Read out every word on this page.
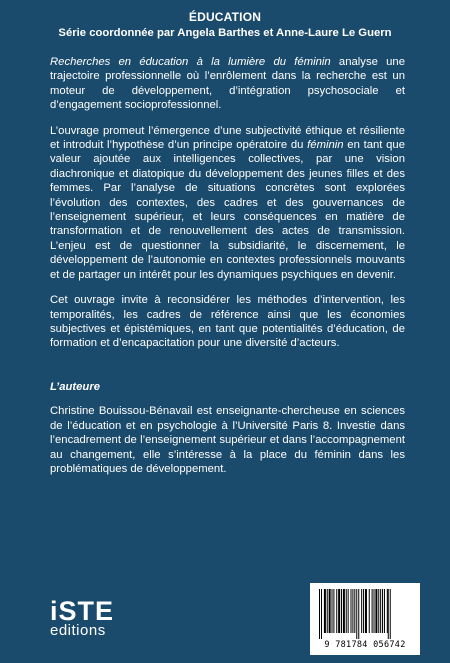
ÉDUCATION
Série coordonnée par Angela Barthes et Anne-Laure Le Guern

Recherches en éducation à la lumière du féminin analyse une trajectoire professionnelle où l’enrôlement dans la recherche est un moteur de développement, d’intégration psychosociale et d’engagement socioprofessionnel.

L’ouvrage promeut l’émergence d’une subjectivité éthique et résiliente et introduit l’hypothèse d’un principe opératoire du féminin en tant que valeur ajoutée aux intelligences collectives, par une vision diachronique et diatopique du développement des jeunes filles et des femmes. Par l’analyse de situations concrètes sont explorées l’évolution des contextes, des cadres et des gouvernances de l’enseignement supérieur, et leurs conséquences en matière de transformation et de renouvellement des actes de transmission. L’enjeu est de questionner la subsidiarité, le discernement, le développement de l’autonomie en contextes professionnels mouvants et de partager un intérêt pour les dynamiques psychiques en devenir.

Cet ouvrage invite à reconsidérer les méthodes d’intervention, les temporalités, les cadres de référence ainsi que les économies subjectives et épistémiques, en tant que potentialités d’éducation, de formation et d’encapacitation pour une diversité d’acteurs.

L’auteure

Christine Bouissou-Bénavail est enseignante-chercheuse en sciences de l’éducation et en psychologie à l’Université Paris 8. Investie dans l’encadrement de l’enseignement supérieur et dans l’accompagnement au changement, elle s’intéresse à la place du féminin dans les problématiques de développement.

iSTE
editions
9 781784 056742
